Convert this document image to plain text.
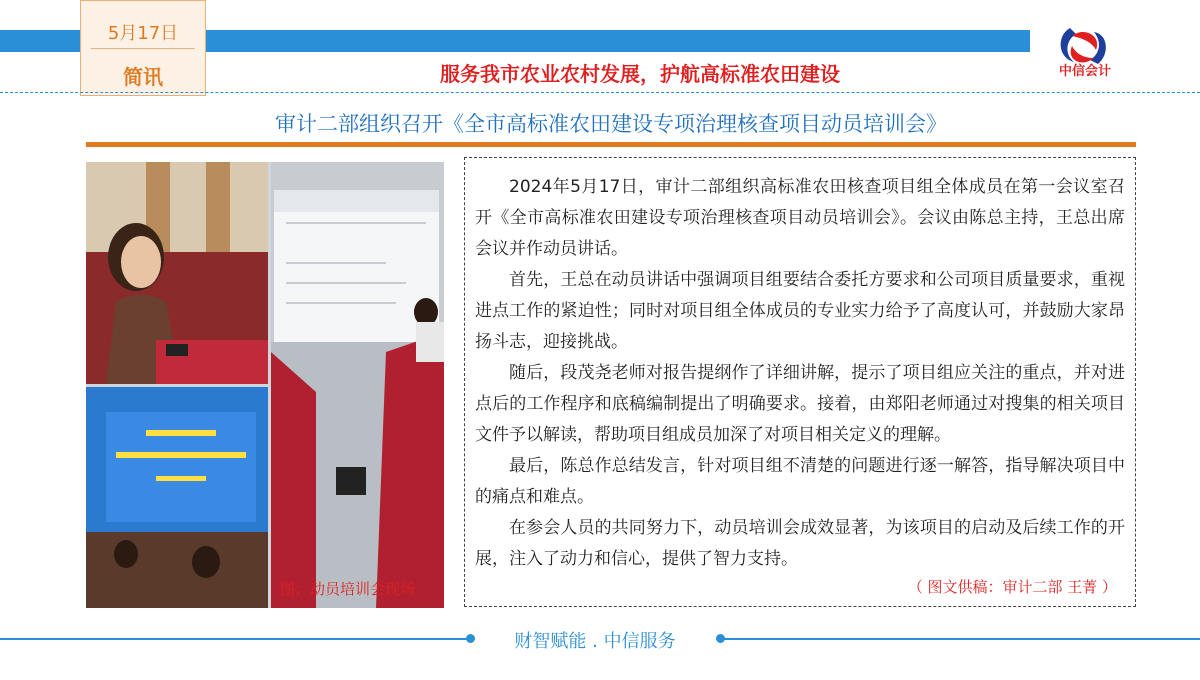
5月17日
简讯	服务我市农业农村发展，护航高标准农田建设	中信会计
审计二部组织召开《全市高标准农田建设专项治理核查项目动员培训会》
图：动员培训会现场

2024年5月17日，审计二部组织高标准农田核查项目组全体成员在第一会议室召开《全市高标准农田建设专项治理核查项目动员培训会》。会议由陈总主持，王总出席会议并作动员讲话。

首先，王总在动员讲话中强调项目组要结合委托方要求和公司项目质量要求，重视进点工作的紧迫性；同时对项目组全体成员的专业实力给予了高度认可，并鼓励大家昂扬斗志，迎接挑战。

随后，段茂尧老师对报告提纲作了详细讲解，提示了项目组应关注的重点，并对进点后的工作程序和底稿编制提出了明确要求。接着，由郑阳老师通过对搜集的相关项目文件予以解读，帮助项目组成员加深了对项目相关定义的理解。

最后，陈总作总结发言，针对项目组不清楚的问题进行逐一解答，指导解决项目中的痛点和难点。

在参会人员的共同努力下，动员培训会成效显著，为该项目的启动及后续工作的开展，注入了动力和信心，提供了智力支持。

（ 图文供稿：审计二部 王菁 ）
财智赋能 . 中信服务
